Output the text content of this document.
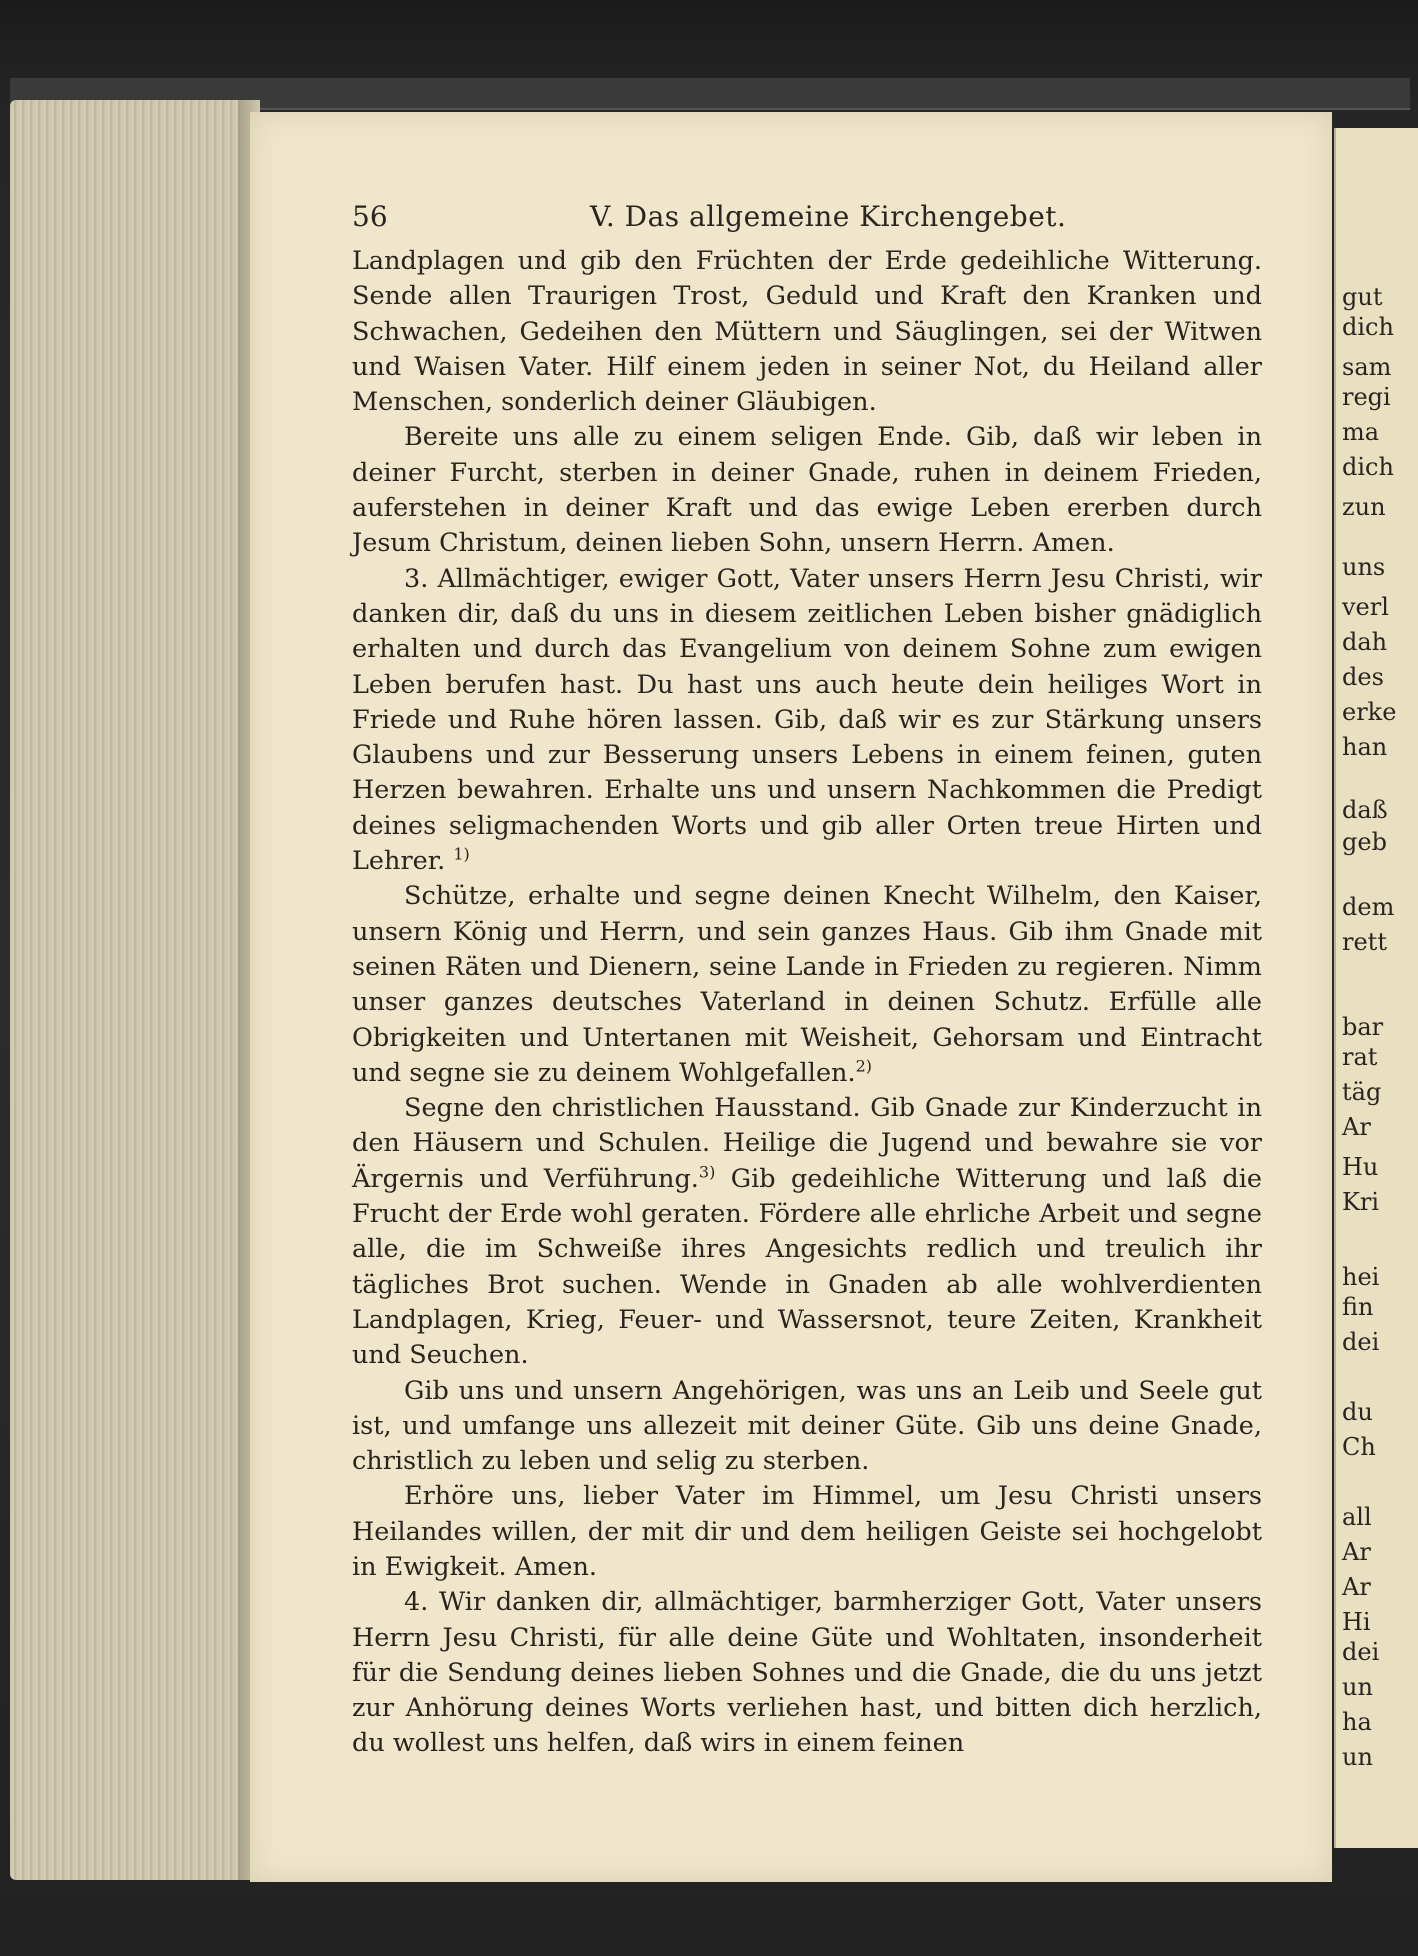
56	V. Das allgemeine Kirchengebet.

Landplagen und gib den Früchten der Erde gedeihliche Witterung. Sende allen Traurigen Trost, Geduld und Kraft den Kranken und Schwachen, Gedeihen den Müttern und Säuglingen, sei der Witwen und Waisen Vater. Hilf einem jeden in seiner Not, du Heiland aller Menschen, sonderlich deiner Gläubigen.

Bereite uns alle zu einem seligen Ende. Gib, daß wir leben in deiner Furcht, sterben in deiner Gnade, ruhen in deinem Frieden, auferstehen in deiner Kraft und das ewige Leben ererben durch Jesum Christum, deinen lieben Sohn, unsern Herrn. Amen.

3. Allmächtiger, ewiger Gott, Vater unsers Herrn Jesu Christi, wir danken dir, daß du uns in diesem zeitlichen Leben bisher gnädiglich erhalten und durch das Evangelium von deinem Sohne zum ewigen Leben berufen hast. Du hast uns auch heute dein heiliges Wort in Friede und Ruhe hören lassen. Gib, daß wir es zur Stärkung unsers Glaubens und zur Besserung unsers Lebens in einem feinen, guten Herzen bewahren. Erhalte uns und unsern Nachkommen die Predigt deines seligmachenden Worts und gib aller Orten treue Hirten und Lehrer. $^{1)}$

Schütze, erhalte und segne deinen Knecht Wilhelm, den Kaiser, unsern König und Herrn, und sein ganzes Haus. Gib ihm Gnade mit seinen Räten und Dienern, seine Lande in Frieden zu regieren. Nimm unser ganzes deutsches Vaterland in deinen Schutz. Erfülle alle Obrigkeiten und Untertanen mit Weisheit, Gehorsam und Eintracht und segne sie zu deinem Wohlgefallen.$^{2)}$

Segne den christlichen Hausstand. Gib Gnade zur Kinderzucht in den Häusern und Schulen. Heilige die Jugend und bewahre sie vor Ärgernis und Verführung.$^{3)}$ Gib gedeihliche Witterung und laß die Frucht der Erde wohl geraten. Fördere alle ehrliche Arbeit und segne alle, die im Schweiße ihres Angesichts redlich und treulich ihr tägliches Brot suchen. Wende in Gnaden ab alle wohlverdienten Landplagen, Krieg, Feuer- und Wassersnot, teure Zeiten, Krankheit und Seuchen.

Gib uns und unsern Angehörigen, was uns an Leib und Seele gut ist, und umfange uns allezeit mit deiner Güte. Gib uns deine Gnade, christlich zu leben und selig zu sterben.

Erhöre uns, lieber Vater im Himmel, um Jesu Christi unsers Heilandes willen, der mit dir und dem heiligen Geiste sei hochgelobt in Ewigkeit. Amen.

4. Wir danken dir, allmächtiger, barmherziger Gott, Vater unsers Herrn Jesu Christi, für alle deine Güte und Wohltaten, insonderheit für die Sendung deines lieben Sohnes und die Gnade, die du uns jetzt zur Anhörung deines Worts verliehen hast, und bitten dich herzlich, du wollest uns helfen, daß wirs in einem feinen

gut
dich
sam
regi
ma
dich
zun
uns
verl
dah
des
erke
han
daß
geb
dem
rett
bar
rat
täg
Ar
Hu
Kri
hei
fin
dei
du
Ch
all
Ar
Ar
Hi
dei
un
ha
un
